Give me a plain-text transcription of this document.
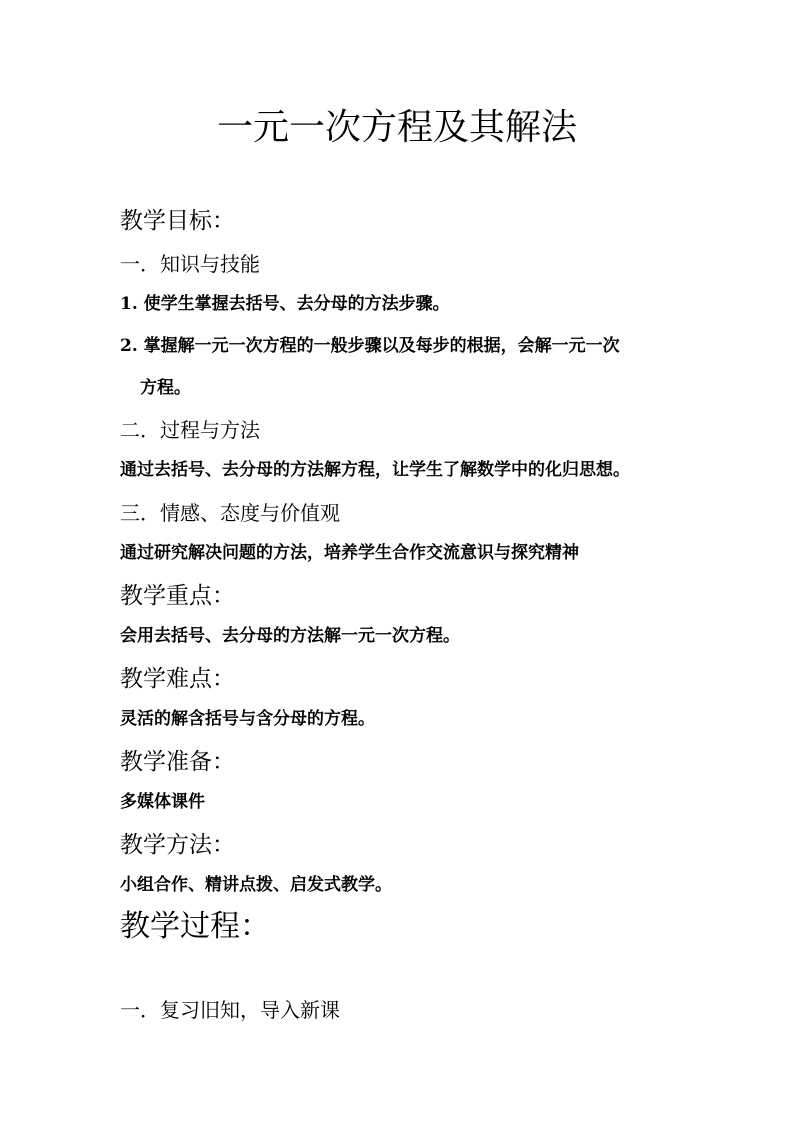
一元一次方程及其解法
教学目标：
一．知识与技能
1. 使学生掌握去括号、去分母的方法步骤。
2. 掌握解一元一次方程的一般步骤以及每步的根据，会解一元一次
方程。
二．过程与方法
通过去括号、去分母的方法解方程，让学生了解数学中的化归思想。
三．情感、态度与价值观
通过研究解决问题的方法，培养学生合作交流意识与探究精神
教学重点：
会用去括号、去分母的方法解一元一次方程。
教学难点：
灵活的解含括号与含分母的方程。
教学准备：
多媒体课件
教学方法：
小组合作、精讲点拨、启发式教学。
教学过程：
一．复习旧知，导入新课
